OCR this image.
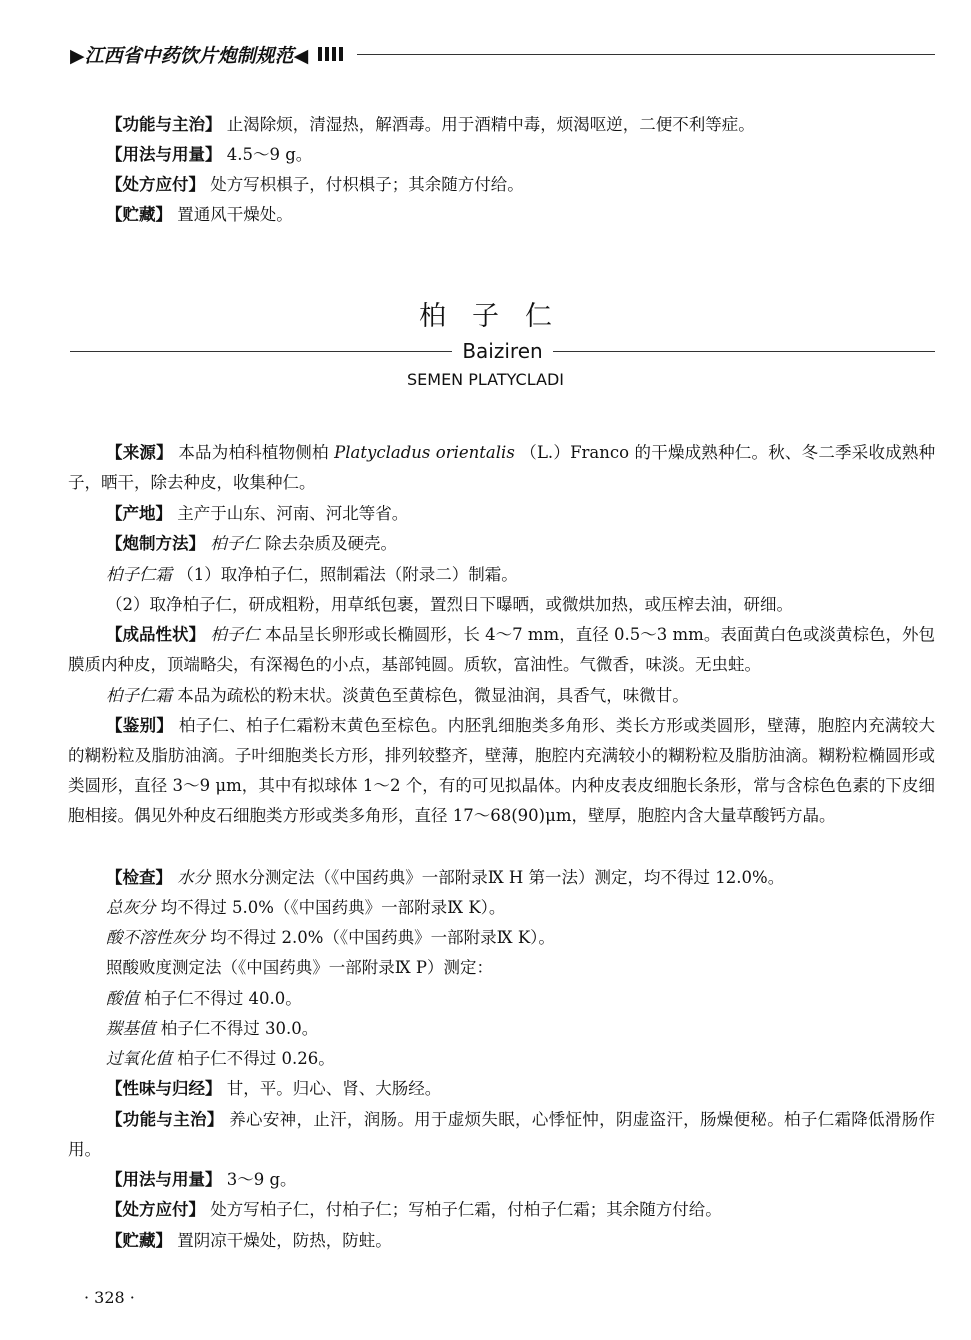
▶江西省中药饮片炮制规范◀

【功能与主治】 止渴除烦，清湿热，解酒毒。用于酒精中毒，烦渴呕逆，二便不利等症。

【用法与用量】 4.5～9 g。

【处方应付】 处方写枳椇子，付枳椇子；其余随方付给。

【贮藏】 置通风干燥处。

柏子仁
Baiziren
SEMEN PLATYCLADI

【来源】 本品为柏科植物侧柏 Platycladus orientalis （L.）Franco 的干燥成熟种仁。秋、冬二季采收成熟种子，晒干，除去种皮，收集种仁。

【产地】 主产于山东、河南、河北等省。

【炮制方法】 柏子仁 除去杂质及硬壳。

柏子仁霜 （1）取净柏子仁，照制霜法（附录二）制霜。

（2）取净柏子仁，研成粗粉，用草纸包裹，置烈日下曝晒，或微烘加热，或压榨去油，研细。

【成品性状】 柏子仁 本品呈长卵形或长椭圆形，长 4～7 mm，直径 0.5～3 mm。表面黄白色或淡黄棕色，外包膜质内种皮，顶端略尖，有深褐色的小点，基部钝圆。质软，富油性。气微香，味淡。无虫蛀。

柏子仁霜 本品为疏松的粉末状。淡黄色至黄棕色，微显油润，具香气，味微甘。

【鉴别】 柏子仁、柏子仁霜粉末黄色至棕色。内胚乳细胞类多角形、类长方形或类圆形，壁薄，胞腔内充满较大的糊粉粒及脂肪油滴。子叶细胞类长方形，排列较整齐，壁薄，胞腔内充满较小的糊粉粒及脂肪油滴。糊粉粒椭圆形或类圆形，直径 3～9 μm，其中有拟球体 1～2 个，有的可见拟晶体。内种皮表皮细胞长条形，常与含棕色色素的下皮细胞相接。偶见外种皮石细胞类方形或类多角形，直径 17～68(90)μm，壁厚，胞腔内含大量草酸钙方晶。

【检查】 水分 照水分测定法（《中国药典》一部附录Ⅸ H 第一法）测定，均不得过 12.0%。

总灰分 均不得过 5.0%（《中国药典》一部附录Ⅸ K）。

酸不溶性灰分 均不得过 2.0%（《中国药典》一部附录Ⅸ K）。

照酸败度测定法（《中国药典》一部附录Ⅸ P）测定：

酸值 柏子仁不得过 40.0。

羰基值 柏子仁不得过 30.0。

过氧化值 柏子仁不得过 0.26。

【性味与归经】 甘，平。归心、肾、大肠经。

【功能与主治】 养心安神，止汗，润肠。用于虚烦失眠，心悸怔忡，阴虚盗汗，肠燥便秘。柏子仁霜降低滑肠作用。

【用法与用量】 3～9 g。

【处方应付】 处方写柏子仁，付柏子仁；写柏子仁霜，付柏子仁霜；其余随方付给。

【贮藏】 置阴凉干燥处，防热，防蛀。

· 328 ·
